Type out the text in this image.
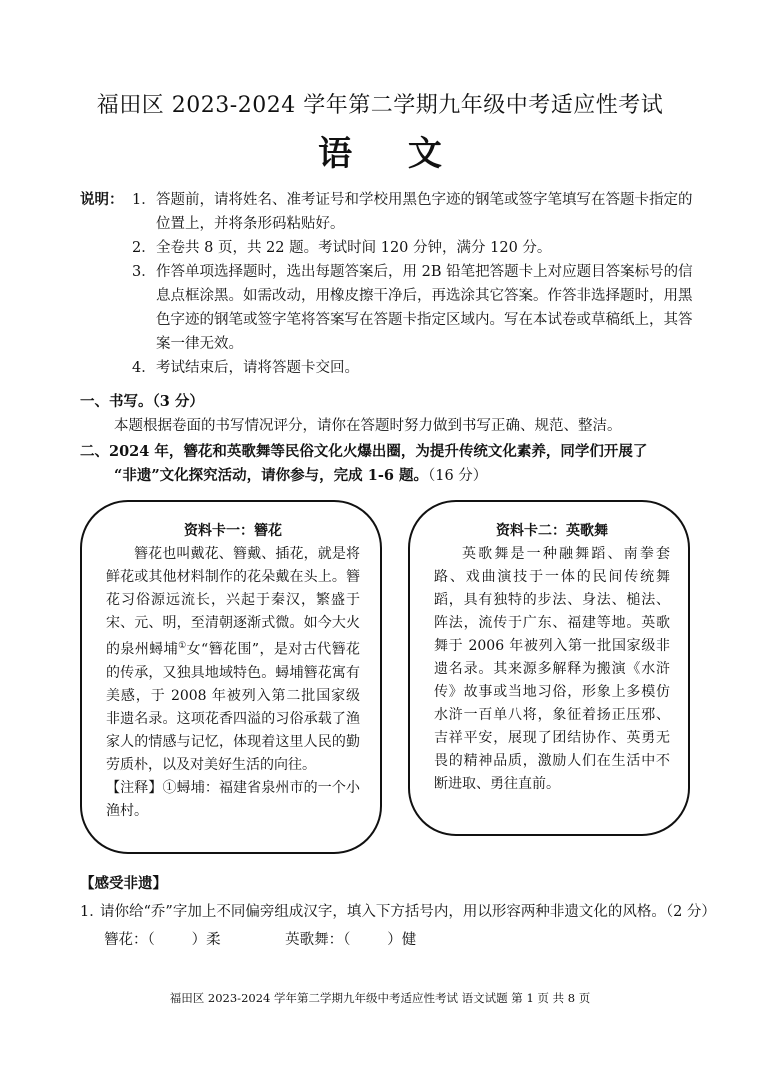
福田区 2023-2024 学年第二学期九年级中考适应性考试
语 文
说明： 1． 答题前，请将姓名、准考证号和学校用黑色字迹的钢笔或签字笔填写在答题卡指定的位置上，并将条形码粘贴好。

2． 全卷共 8 页，共 22 题。考试时间 120 分钟，满分 120 分。

3． 作答单项选择题时，选出每题答案后，用 2B 铅笔把答题卡上对应题目答案标号的信息点框涂黑。如需改动，用橡皮擦干净后，再选涂其它答案。作答非选择题时，用黑色字迹的钢笔或签字笔将答案写在答题卡指定区域内。写在本试卷或草稿纸上，其答案一律无效。

4． 考试结束后，请将答题卡交回。

一、书写。（3 分）
本题根据卷面的书写情况评分，请你在答题时努力做到书写正确、规范、整洁。
二、2024 年，簪花和英歌舞等民俗文化火爆出圈，为提升传统文化素养，同学们开展了
“非遗”文化探究活动，请你参与，完成 1-6 题。（16 分）
资料卡一：簪花

簪花也叫戴花、簪戴、插花，就是将鲜花或其他材料制作的花朵戴在头上。簪花习俗源远流长，兴起于秦汉，繁盛于宋、元、明，至清朝逐渐式微。如今大火的泉州蟳埔①女“簪花围”，是对古代簪花的传承，又独具地域特色。蟳埔簪花寓有美感，于 2008 年被列入第二批国家级非遗名录。这项花香四溢的习俗承载了渔家人的情感与记忆，体现着这里人民的勤劳质朴，以及对美好生活的向往。

【注释】①蟳埔：福建省泉州市的一个小渔村。

资料卡二：英歌舞

英歌舞是一种融舞蹈、南拳套路、戏曲演技于一体的民间传统舞蹈，具有独特的步法、身法、槌法、阵法，流传于广东、福建等地。英歌舞于 2006 年被列入第一批国家级非遗名录。其来源多解释为搬演《水浒传》故事或当地习俗，形象上多模仿水浒一百单八将，象征着扬正压邪、吉祥平安，展现了团结协作、英勇无畏的精神品质，激励人们在生活中不断进取、勇往直前。

【感受非遗】
1．
请你给“乔”字加上不同偏旁组成汉字，填入下方括号内，用以形容两种非遗文化的风格。（2 分）
簪花：（        ）柔              英歌舞：（        ）健
福田区 2023-2024 学年第二学期九年级中考适应性考试 语文试题 第 1 页 共 8 页
